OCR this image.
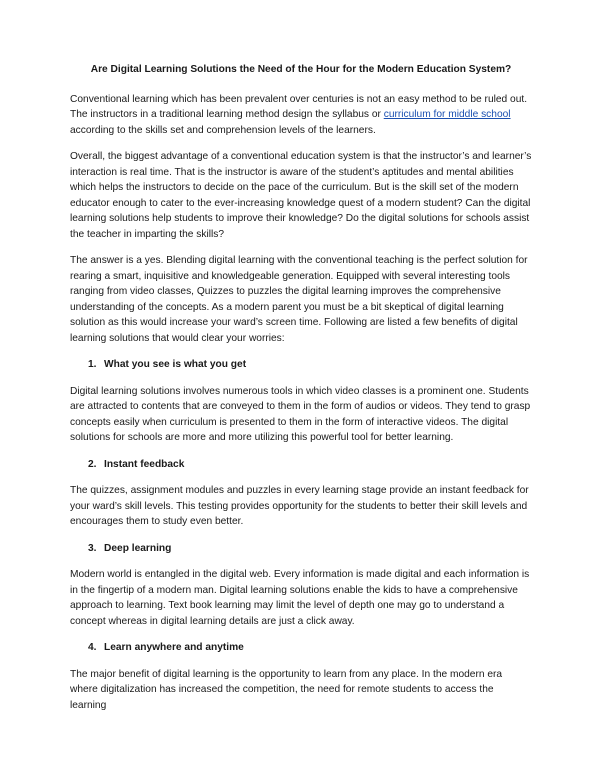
Are Digital Learning Solutions the Need of the Hour for the Modern Education System?

Conventional learning which has been prevalent over centuries is not an easy method to be ruled out. The instructors in a traditional learning method design the syllabus or curriculum for middle school according to the skills set and comprehension levels of the learners.

Overall, the biggest advantage of a conventional education system is that the instructor’s and learner’s interaction is real time. That is the instructor is aware of the student’s aptitudes and mental abilities which helps the instructors to decide on the pace of the curriculum. But is the skill set of the modern educator enough to cater to the ever-increasing knowledge quest of a modern student? Can the digital learning solutions help students to improve their knowledge? Do the digital solutions for schools assist the teacher in imparting the skills?

The answer is a yes. Blending digital learning with the conventional teaching is the perfect solution for rearing a smart, inquisitive and knowledgeable generation. Equipped with several interesting tools ranging from video classes, Quizzes to puzzles the digital learning improves the comprehensive understanding of the concepts. As a modern parent you must be a bit skeptical of digital learning solution as this would increase your ward’s screen time. Following are listed a few benefits of digital learning solutions that would clear your worries:

1. What you see is what you get

Digital learning solutions involves numerous tools in which video classes is a prominent one. Students are attracted to contents that are conveyed to them in the form of audios or videos. They tend to grasp concepts easily when curriculum is presented to them in the form of interactive videos. The digital solutions for schools are more and more utilizing this powerful tool for better learning.

2. Instant feedback

The quizzes, assignment modules and puzzles in every learning stage provide an instant feedback for your ward’s skill levels. This testing provides opportunity for the students to better their skill levels and encourages them to study even better.

3. Deep learning

Modern world is entangled in the digital web. Every information is made digital and each information is in the fingertip of a modern man. Digital learning solutions enable the kids to have a comprehensive approach to learning. Text book learning may limit the level of depth one may go to understand a concept whereas in digital learning details are just a click away.

4. Learn anywhere and anytime

The major benefit of digital learning is the opportunity to learn from any place. In the modern era where digitalization has increased the competition, the need for remote students to access the learning
